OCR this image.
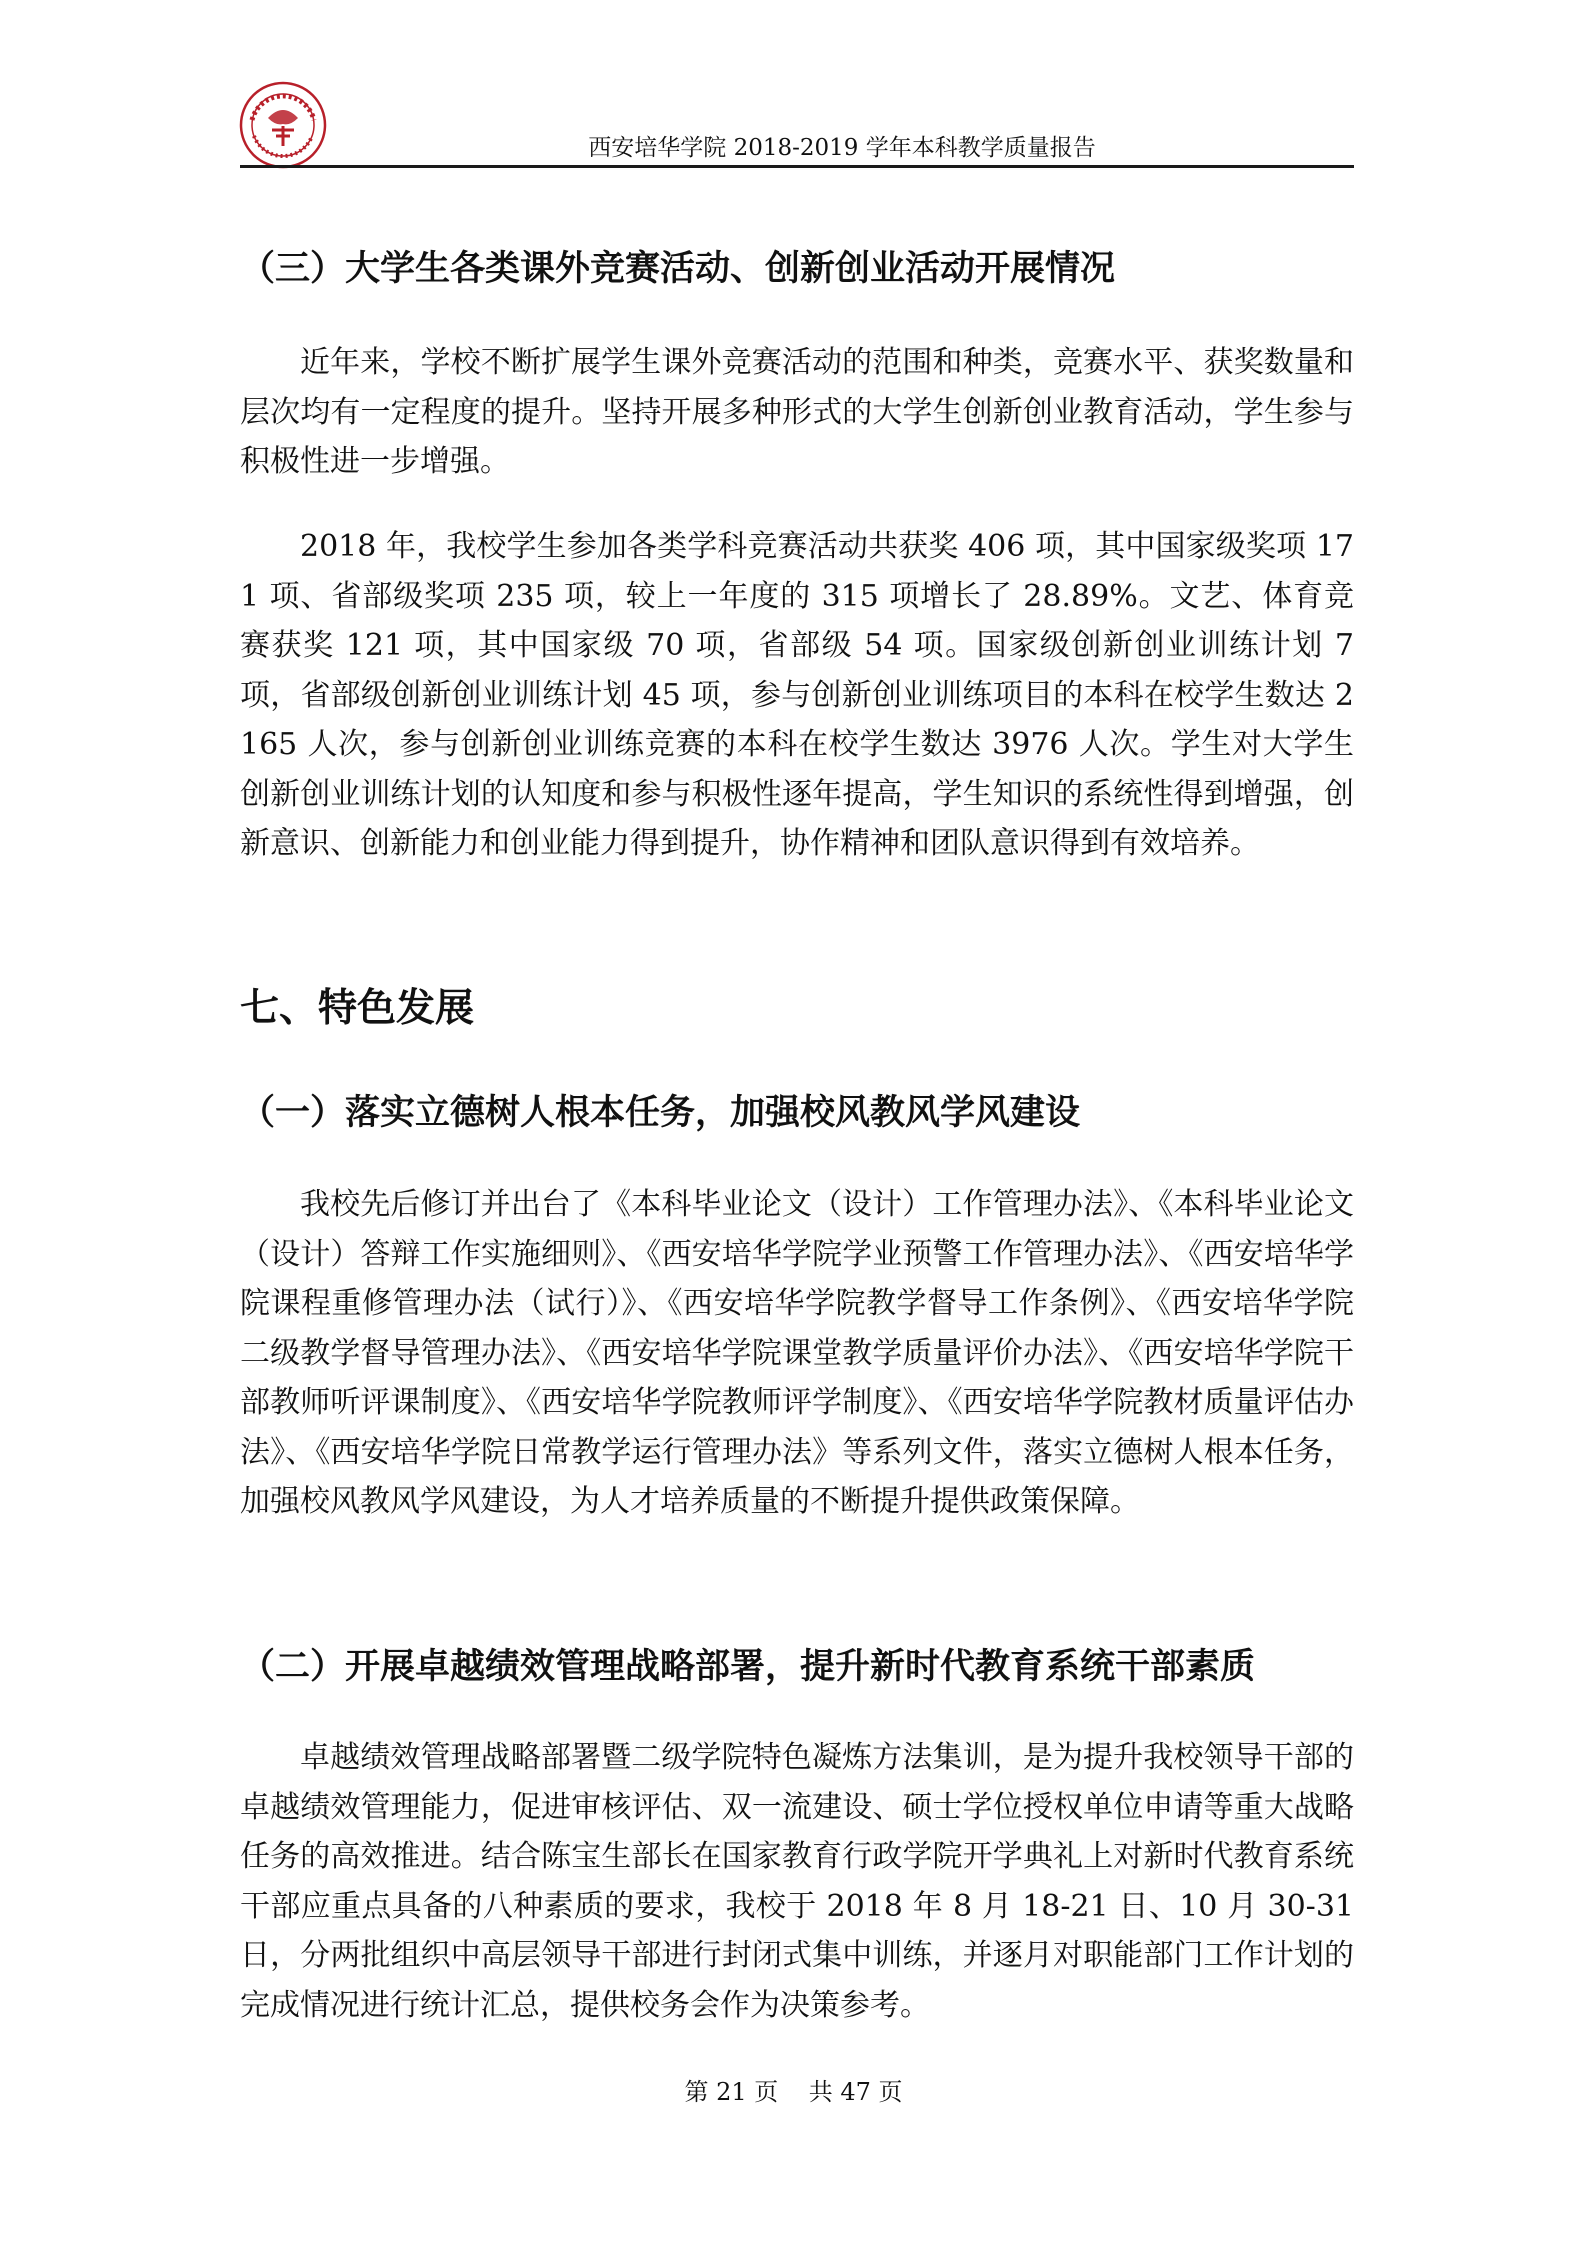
西安培华学院 2018-2019 学年本科教学质量报告
（三）大学生各类课外竞赛活动、创新创业活动开展情况

近年来，学校不断扩展学生课外竞赛活动的范围和种类，竞赛水平、获奖数量和层次均有一定程度的提升。坚持开展多种形式的大学生创新创业教育活动，学生参与积极性进一步增强。

2018 年，我校学生参加各类学科竞赛活动共获奖 406 项，其中国家级奖项 171 项、省部级奖项 235 项，较上一年度的 315 项增长了 28.89%。文艺、体育竞赛获奖 121 项，其中国家级 70 项，省部级 54 项。国家级创新创业训练计划 7 项，省部级创新创业训练计划 45 项，参与创新创业训练项目的本科在校学生数达 2165 人次，参与创新创业训练竞赛的本科在校学生数达 3976 人次。学生对大学生创新创业训练计划的认知度和参与积极性逐年提高，学生知识的系统性得到增强，创新意识、创新能力和创业能力得到提升，协作精神和团队意识得到有效培养。

七、特色发展
（一）落实立德树人根本任务，加强校风教风学风建设

我校先后修订并出台了《本科毕业论文（设计）工作管理办法》、《本科毕业论文（设计）答辩工作实施细则》、《西安培华学院学业预警工作管理办法》、《西安培华学院课程重修管理办法（试行）》、《西安培华学院教学督导工作条例》、《西安培华学院二级教学督导管理办法》、《西安培华学院课堂教学质量评价办法》、《西安培华学院干部教师听评课制度》、《西安培华学院教师评学制度》、《西安培华学院教材质量评估办法》、《西安培华学院日常教学运行管理办法》等系列文件，落实立德树人根本任务，加强校风教风学风建设，为人才培养质量的不断提升提供政策保障。

（二）开展卓越绩效管理战略部署，提升新时代教育系统干部素质

卓越绩效管理战略部署暨二级学院特色凝炼方法集训，是为提升我校领导干部的卓越绩效管理能力，促进审核评估、双一流建设、硕士学位授权单位申请等重大战略任务的高效推进。结合陈宝生部长在国家教育行政学院开学典礼上对新时代教育系统干部应重点具备的八种素质的要求，我校于 2018 年 8 月 18-21 日、10 月 30-31 日，分两批组织中高层领导干部进行封闭式集中训练，并逐月对职能部门工作计划的完成情况进行统计汇总，提供校务会作为决策参考。

第 21 页    共 47 页
